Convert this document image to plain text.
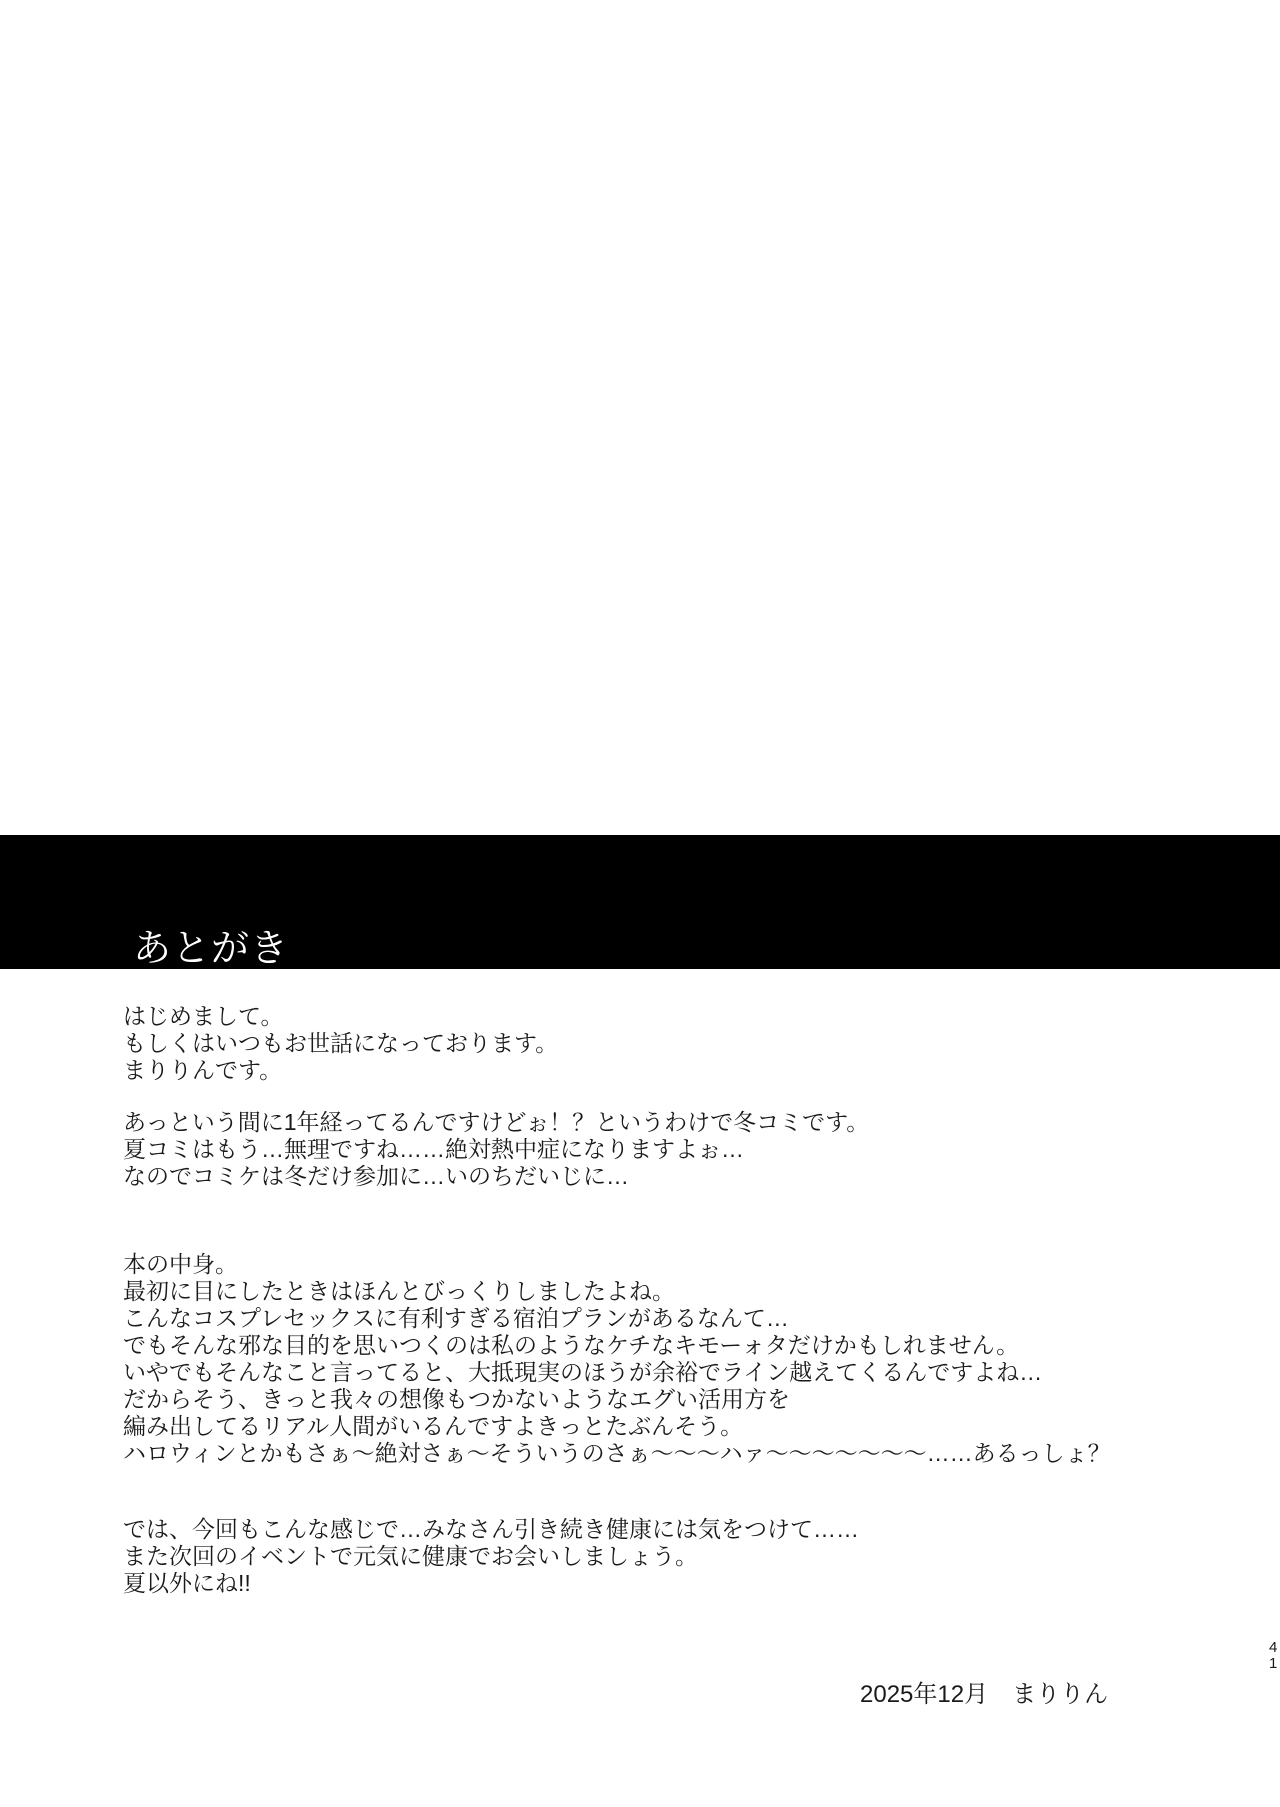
あとがき
はじめまして。
もしくはいつもお世話になっております。
まりりんです。
あっという間に1年経ってるんですけどぉ！？というわけで冬コミです。
夏コミはもう…無理ですね……絶対熱中症になりますよぉ…
なのでコミケは冬だけ参加に…いのちだいじに…
本の中身。
最初に目にしたときはほんとびっくりしましたよね。
こんなコスプレセックスに有利すぎる宿泊プランがあるなんて…
でもそんな邪な目的を思いつくのは私のようなケチなキモーォタだけかもしれません。
いやでもそんなこと言ってると、大抵現実のほうが余裕でライン越えてくるんですよね…
だからそう、きっと我々の想像もつかないようなエグい活用方を
編み出してるリアル人間がいるんですよきっとたぶんそう。
ハロウィンとかもさぁ～絶対さぁ～そういうのさぁ～～～ハァ～～～～～～～……あるっしょ？
では、今回もこんな感じで…みなさん引き続き健康には気をつけて……
また次回のイベントで元気に健康でお会いしましょう。
夏以外にね!!
2025年12月　まりりん
4
1
